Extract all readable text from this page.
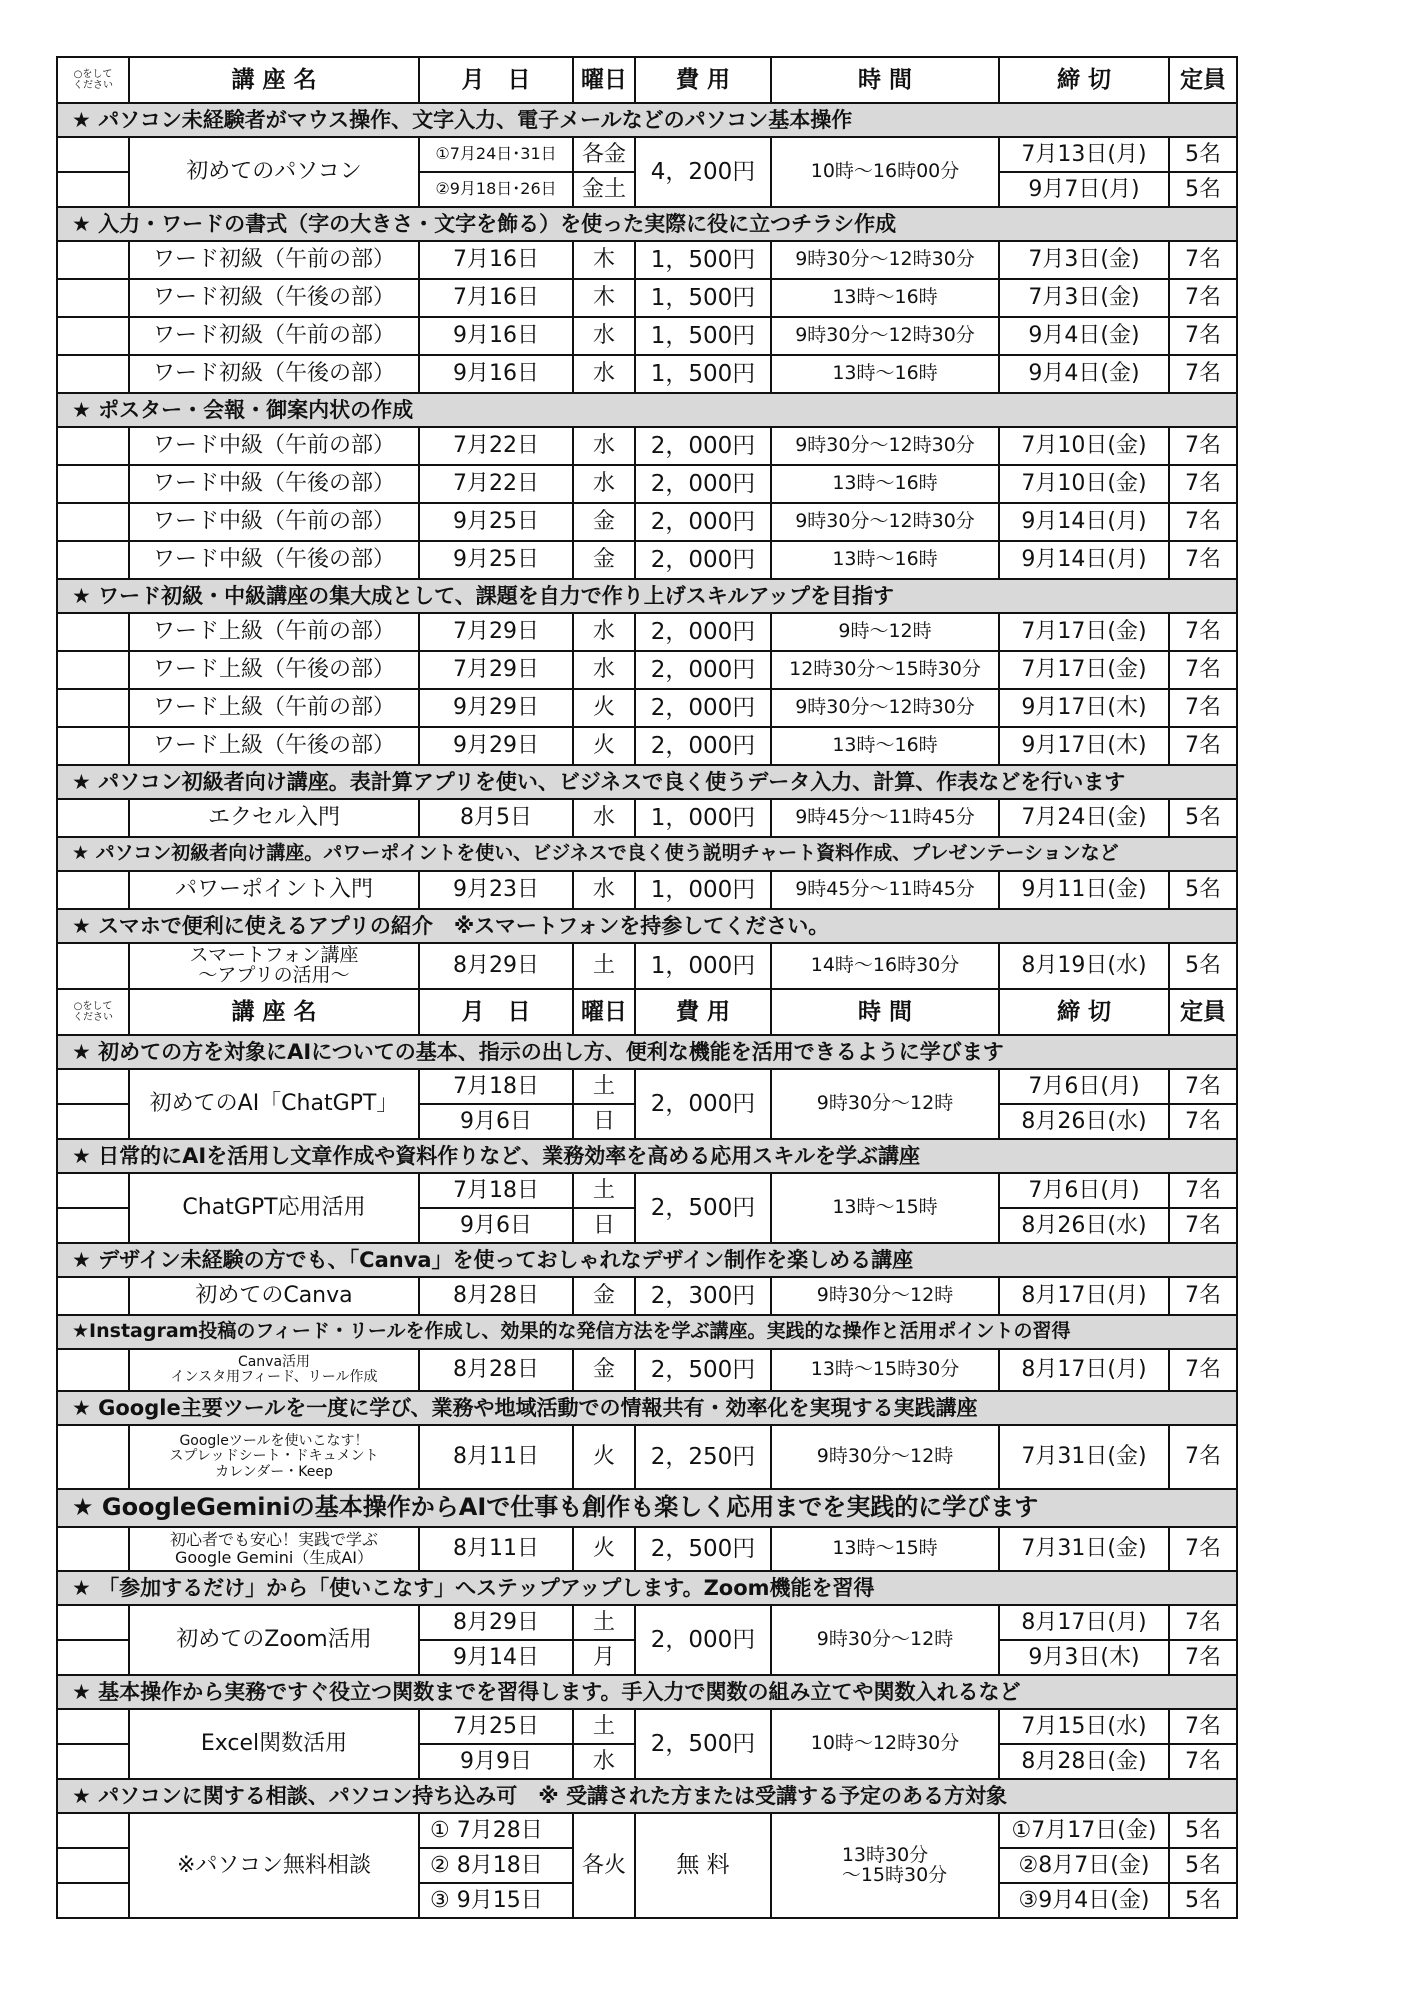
○をして
ください	講 座 名	月　日	曜日	費 用	時 間	締 切	定員
★ パソコン未経験者がマウス操作、文字入力、電子メールなどのパソコン基本操作							
	初めてのパソコン	①7月24日･31日	各金	4，200円	10時～16時00分	7月13日(月)	5名
		②9月18日･26日	金土			9月7日(月)	5名
★ 入力・ワードの書式（字の大きさ・文字を飾る）を使った実際に役に立つチラシ作成							
	ワード初級（午前の部）	7月16日	木	1，500円	9時30分～12時30分	7月3日(金)	7名
	ワード初級（午後の部）	7月16日	木	1，500円	13時～16時	7月3日(金)	7名
	ワード初級（午前の部）	9月16日	水	1，500円	9時30分～12時30分	9月4日(金)	7名
	ワード初級（午後の部）	9月16日	水	1，500円	13時～16時	9月4日(金)	7名
★ ポスター・会報・御案内状の作成							
	ワード中級（午前の部）	7月22日	水	2，000円	9時30分～12時30分	7月10日(金)	7名
	ワード中級（午後の部）	7月22日	水	2，000円	13時～16時	7月10日(金)	7名
	ワード中級（午前の部）	9月25日	金	2，000円	9時30分～12時30分	9月14日(月)	7名
	ワード中級（午後の部）	9月25日	金	2，000円	13時～16時	9月14日(月)	7名
★ ワード初級・中級講座の集大成として、課題を自力で作り上げスキルアップを目指す							
	ワード上級（午前の部）	7月29日	水	2，000円	9時～12時	7月17日(金)	7名
	ワード上級（午後の部）	7月29日	水	2，000円	12時30分～15時30分	7月17日(金)	7名
	ワード上級（午前の部）	9月29日	火	2，000円	9時30分～12時30分	9月17日(木)	7名
	ワード上級（午後の部）	9月29日	火	2，000円	13時～16時	9月17日(木)	7名
★ パソコン初級者向け講座。表計算アプリを使い、ビジネスで良く使うデータ入力、計算、作表などを行います							
	エクセル入門	8月5日	水	1，000円	9時45分～11時45分	7月24日(金)	5名
★ パソコン初級者向け講座。パワーポイントを使い、ビジネスで良く使う説明チャート資料作成、プレゼンテーションなど							
	パワーポイント入門	9月23日	水	1，000円	9時45分～11時45分	9月11日(金)	5名
★ スマホで便利に使えるアプリの紹介　※スマートフォンを持参してください。							
	スマートフォン講座
～アプリの活用～	8月29日	土	1，000円	14時～16時30分	8月19日(水)	5名
○をして
ください	講 座 名	月　日	曜日	費 用	時 間	締 切	定員
★ 初めての方を対象にAIについての基本、指示の出し方、便利な機能を活用できるように学びます							
	初めてのAI「ChatGPT」	7月18日	土	2，000円	9時30分～12時	7月6日(月)	7名
		9月6日	日			8月26日(水)	7名
★ 日常的にAIを活用し文章作成や資料作りなど、業務効率を高める応用スキルを学ぶ講座							
	ChatGPT応用活用	7月18日	土	2，500円	13時～15時	7月6日(月)	7名
		9月6日	日			8月26日(水)	7名
★ デザイン未経験の方でも、「Canva」を使っておしゃれなデザイン制作を楽しめる講座							
	初めてのCanva	8月28日	金	2，300円	9時30分～12時	8月17日(月)	7名
★Instagram投稿のフィード・リールを作成し、効果的な発信方法を学ぶ講座。実践的な操作と活用ポイントの習得							
	Canva活用
インスタ用フィード、リール作成	8月28日	金	2，500円	13時～15時30分	8月17日(月)	7名
★ Google主要ツールを一度に学び、業務や地域活動での情報共有・効率化を実現する実践講座							
	Googleツールを使いこなす！
スプレッドシート・ドキュメント
カレンダー・Keep	8月11日	火	2，250円	9時30分～12時	7月31日(金)	7名
★ GoogleGeminiの基本操作からAIで仕事も創作も楽しく応用までを実践的に学びます							
	初心者でも安心！実践で学ぶ
Google Gemini（生成AI）	8月11日	火	2，500円	13時～15時	7月31日(金)	7名
★ 「参加するだけ」から「使いこなす」へステップアップします。Zoom機能を習得							
	初めてのZoom活用	8月29日	土	2，000円	9時30分～12時	8月17日(月)	7名
		9月14日	月			9月3日(木)	7名
★ 基本操作から実務ですぐ役立つ関数までを習得します。手入力で関数の組み立てや関数入れるなど							
	Excel関数活用	7月25日	土	2，500円	10時～12時30分	7月15日(水)	7名
		9月9日	水			8月28日(金)	7名
★ パソコンに関する相談、パソコン持ち込み可　※ 受講された方または受講する予定のある方対象							
	※パソコン無料相談	① 7月28日	各火	無 料	13時30分
　～15時30分	①7月17日(金)	5名
		② 8月18日				②8月7日(金)	5名
		③ 9月15日				③9月4日(金)	5名
